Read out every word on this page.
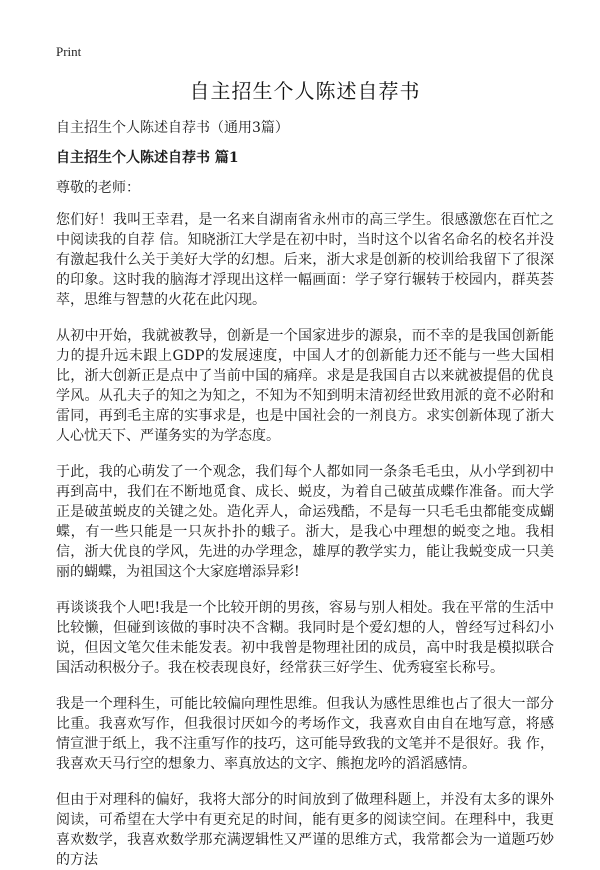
Print
自主招生个人陈述自荐书
自主招生个人陈述自荐书（通用3篇）
自主招生个人陈述自荐书 篇1
尊敬的老师：

您们好！我叫王幸君，是一名来自湖南省永州市的高三学生。很感激您在百忙之中阅读我的自荐 信。知晓浙江大学是在初中时，当时这个以省名命名的校名并没有激起我什么关于美好大学的幻想。后来，浙大求是创新的校训给我留下了很深的印象。这时我的脑海才浮现出这样一幅画面：学子穿行辗转于校园内，群英荟萃，思维与智慧的火花在此闪现。

从初中开始，我就被教导，创新是一个国家进步的源泉，而不幸的是我国创新能力的提升远未跟上GDP的发展速度，中国人才的创新能力还不能与一些大国相比，浙大创新正是点中了当前中国的痛痒。求是是我国自古以来就被提倡的优良学风。从孔夫子的知之为知之，不知为不知到明末清初经世致用派的竟不必附和雷同，再到毛主席的实事求是，也是中国社会的一剂良方。求实创新体现了浙大人心忧天下、严谨务实的为学态度。

于此，我的心萌发了一个观念，我们每个人都如同一条条毛毛虫，从小学到初中再到高中，我们在不断地觅食、成长、蜕皮，为着自己破茧成蝶作准备。而大学正是破茧蜕皮的关键之处。造化弄人，命运残酷，不是每一只毛毛虫都能变成蝴蝶，有一些只能是一只灰扑扑的蛾子。浙大，是我心中理想的蜕变之地。我相信，浙大优良的学风，先进的办学理念，雄厚的教学实力，能让我蜕变成一只美丽的蝴蝶，为祖国这个大家庭增添异彩!

再谈谈我个人吧!我是一个比较开朗的男孩，容易与别人相处。我在平常的生活中比较懒，但碰到该做的事时决不含糊。我同时是个爱幻想的人，曾经写过科幻小说，但因文笔欠佳未能发表。初中我曾是物理社团的成员，高中时我是模拟联合国活动积极分子。我在校表现良好，经常获三好学生、优秀寝室长称号。

我是一个理科生，可能比较偏向理性思维。但我认为感性思维也占了很大一部分比重。我喜欢写作，但我很讨厌如今的考场作文，我喜欢自由自在地写意，将感情宣泄于纸上，我不注重写作的技巧，这可能导致我的文笔并不是很好。我 作，我喜欢天马行空的想象力、率真放达的文字、熊抱龙吟的滔滔感情。

但由于对理科的偏好，我将大部分的时间放到了做理科题上，并没有太多的课外阅读，可希望在大学中有更充足的时间，能有更多的阅读空间。在理科中，我更喜欢数学，我喜欢数学那充满逻辑性又严谨的思维方式，我常都会为一道题巧妙的方法
